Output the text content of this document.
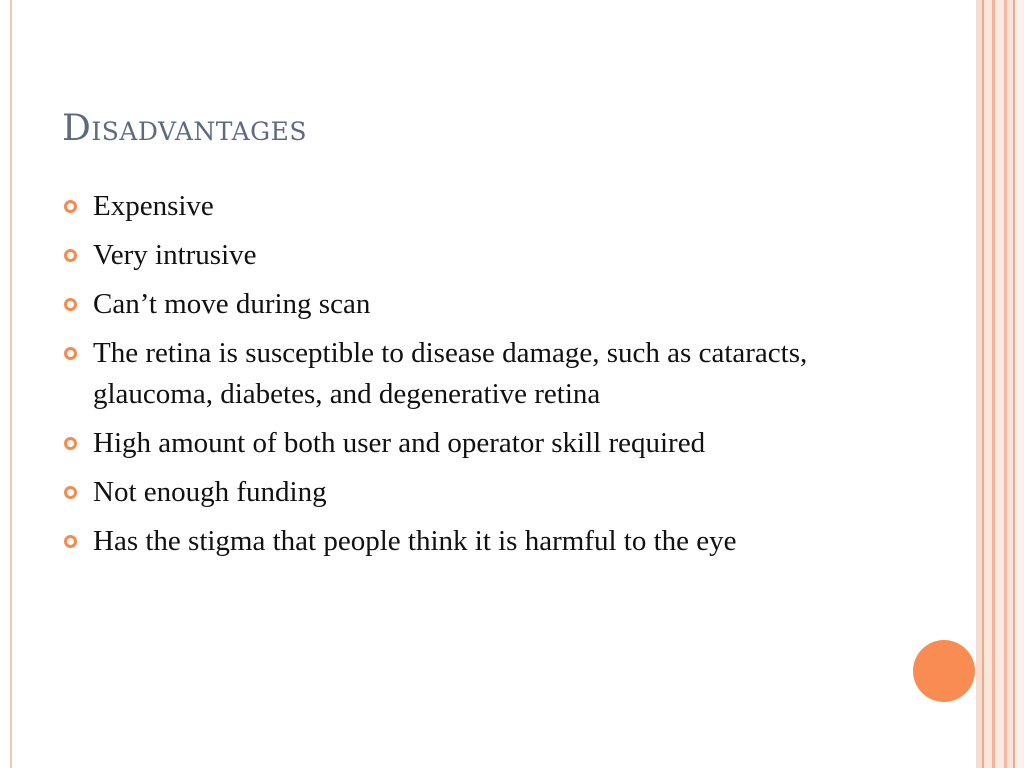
Disadvantages
Expensive
Very intrusive
Can’t move during scan
The retina is susceptible to disease damage, such as cataracts, glaucoma, diabetes, and degenerative retina
High amount of both user and operator skill required
Not enough funding
Has the stigma that people think it is harmful to the eye
